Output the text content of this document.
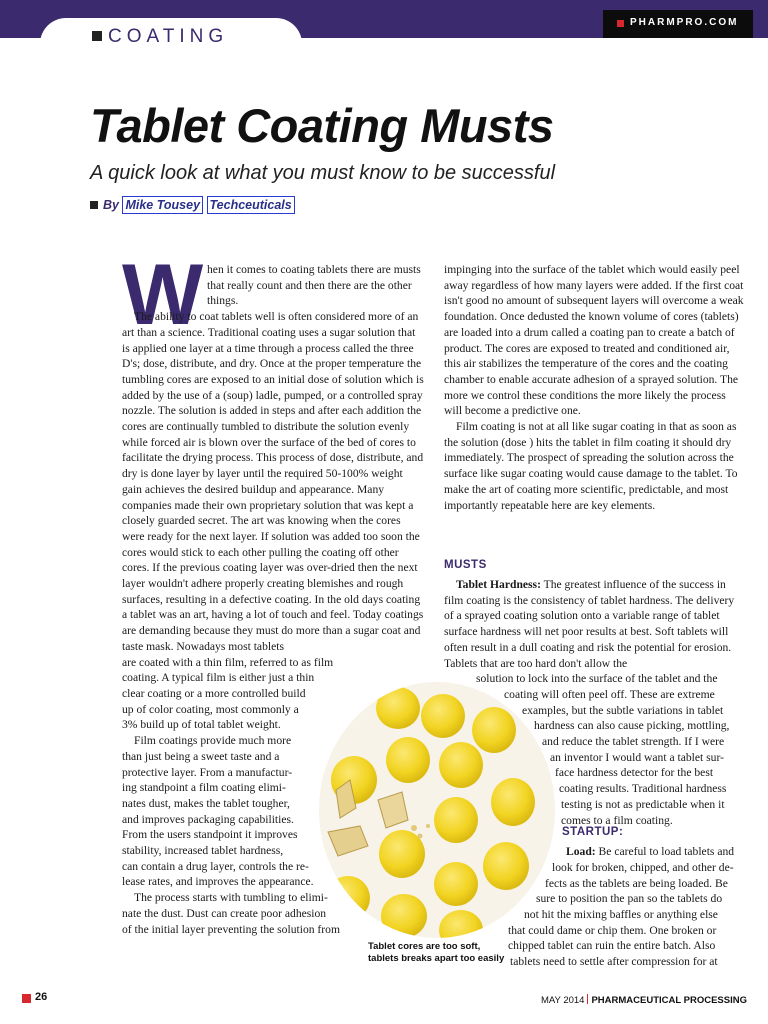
COATING
PHARMPRO.COM
Tablet Coating Musts
A quick look at what you must know to be successful
By Mike Tousey Techceuticals
W hen it comes to coating tablets there are musts that really count and then there are the other things.

The ability to coat tablets well is often considered more of an art than a science. Traditional coating uses a sugar solution that is applied one layer at a time through a process called the three D's; dose, distribute, and dry. Once at the proper temperature the tumbling cores are exposed to an initial dose of solution which is added by the use of a (soup) ladle, pumped, or a controlled spray nozzle. The solution is added in steps and after each addition the cores are continually tumbled to distribute the solution evenly while forced air is blown over the surface of the bed of cores to facilitate the drying process. This process of dose, distribute, and dry is done layer by layer until the required 50-100% weight gain achieves the desired buildup and appearance. Many companies made their own proprietary solution that was kept a closely guarded secret. The art was knowing when the cores were ready for the next layer. If solution was added too soon the cores would stick to each other pulling the coating off other cores. If the previous coating layer was over-dried then the next layer wouldn't adhere properly creating blemishes and rough surfaces, resulting in a defective coating. In the old days coating a tablet was an art, having a lot of touch and feel. Today coatings are demanding because they must do more than a sugar coat and taste mask. Nowadays most tablets

are coated with a thin film, referred to as film
coating. A typical film is either just a thin
clear coating or a more controlled build
up of color coating, most commonly a
3% build up of total tablet weight.
Film coatings provide much more
than just being a sweet taste and a
protective layer. From a manufactur-
ing standpoint a film coating elimi-
nates dust, makes the tablet tougher,
and improves packaging capabilities.
From the users standpoint it improves
stability, increased tablet hardness,
can contain a drug layer, controls the re-
lease rates, and improves the appearance.
The process starts with tumbling to elimi-
nate the dust. Dust can create poor adhesion
of the initial layer preventing the solution from

impinging into the surface of the tablet which would easily peel away regardless of how many layers were added. If the first coat isn't good no amount of subsequent layers will overcome a weak foundation. Once dedusted the known volume of cores (tablets) are loaded into a drum called a coating pan to create a batch of product. The cores are exposed to treated and conditioned air, this air stabilizes the temperature of the cores and the coating chamber to enable accurate adhesion of a sprayed solution. The more we control these conditions the more likely the process will become a predictive one.

Film coating is not at all like sugar coating in that as soon as the solution (dose ) hits the tablet in film coating it should dry immediately. The prospect of spreading the solution across the surface like sugar coating would cause damage to the tablet. To make the art of coating more scientific, predictable, and most importantly repeatable here are key elements.

MUSTS

Tablet Hardness: The greatest influence of the success in film coating is the consistency of tablet hardness. The delivery of a sprayed coating solution onto a variable range of tablet surface hardness will net poor results at best. Soft tablets will often result in a dull coating and risk the potential for erosion. Tablets that are too hard don't allow the

solution to lock into the surface of the tablet and the
coating will often peel off. These are extreme
examples, but the subtle variations in tablet
hardness can also cause picking, mottling,
and reduce the tablet strength. If I were
an inventor I would want a tablet sur-
face hardness detector for the best
coating results. Traditional hardness
testing is not as predictable when it
comes to a film coating.
Load: Be careful to load tablets and
look for broken, chipped, and other de-
fects as the tablets are being loaded. Be
sure to position the pan so the tablets do
not hit the mixing baffles or anything else
that could dame or chip them. One broken or
chipped tablet can ruin the entire batch. Also
tablets need to settle after compression for at
STARTUP:
Tablet cores are too soft, tablets breaks apart too easily
26	MAY 2014 PHARMACEUTICAL PROCESSING
